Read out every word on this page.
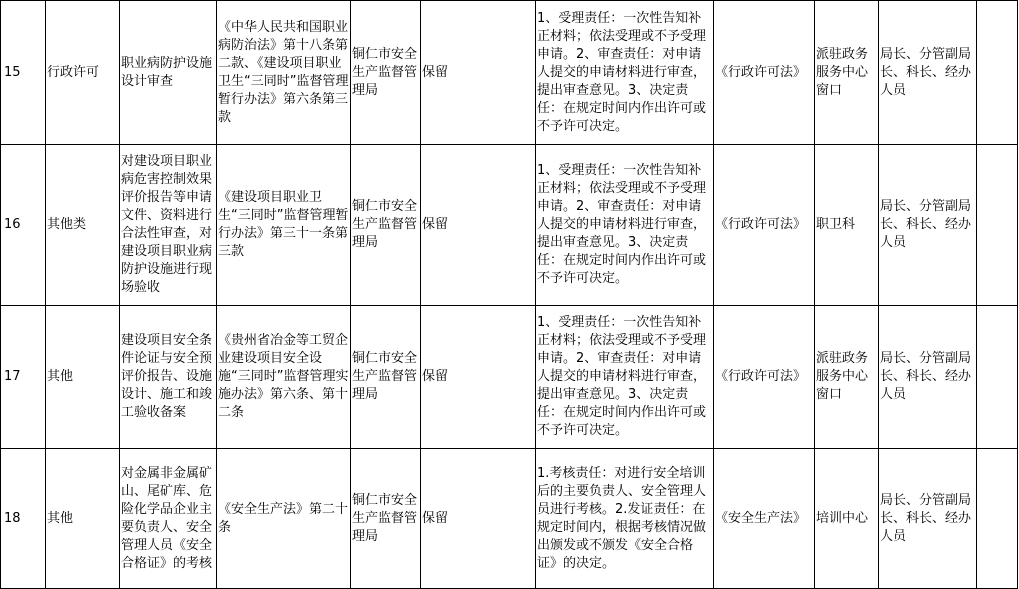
15	行政许可	职业病防护设施设计审查	《中华人民共和国职业病防治法》第十八条第二款、《建设项目职业卫生“三同时”监督管理暂行办法》第六条第三款	铜仁市安全生产监督管理局	保留		1、受理责任：一次性告知补正材料；依法受理或不予受理申请。2、审查责任：对申请人提交的申请材料进行审查，提出审查意见。3、决定责任：在规定时间内作出许可或不予许可决定。	《行政许可法》	派驻政务服务中心窗口	局长、分管副局长、科长、经办人员	
16	其他类	对建设项目职业病危害控制效果评价报告等申请文件、资料进行合法性审查，对建设项目职业病防护设施进行现场验收	《建设项目职业卫生“三同时”监督管理暂行办法》第三十一条第三款	铜仁市安全生产监督管理局	保留		1、受理责任：一次性告知补正材料；依法受理或不予受理申请。2、审查责任：对申请人提交的申请材料进行审查，提出审查意见。3、决定责任：在规定时间内作出许可或不予许可决定。	《行政许可法》	职卫科	局长、分管副局长、科长、经办人员	
17	其他	建设项目安全条件论证与安全预评价报告、设施设计、施工和竣工验收备案	《贵州省冶金等工贸企业建设项目安全设施“三同时”监督管理实施办法》第六条、第十二条	铜仁市安全生产监督管理局	保留		1、受理责任：一次性告知补正材料；依法受理或不予受理申请。2、审查责任：对申请人提交的申请材料进行审查，提出审查意见。3、决定责任：在规定时间内作出许可或不予许可决定。	《行政许可法》	派驻政务服务中心窗口	局长、分管副局长、科长、经办人员	
18	其他	对金属非金属矿山、尾矿库、危险化学品企业主要负责人、安全管理人员《安全合格证》的考核	《安全生产法》第二十条	铜仁市安全生产监督管理局	保留		1.考核责任：对进行安全培训后的主要负责人、安全管理人员进行考核。2.发证责任：在规定时间内，根据考核情况做出颁发或不颁发《安全合格证》的决定。	《安全生产法》	培训中心	局长、分管副局长、科长、经办人员	
